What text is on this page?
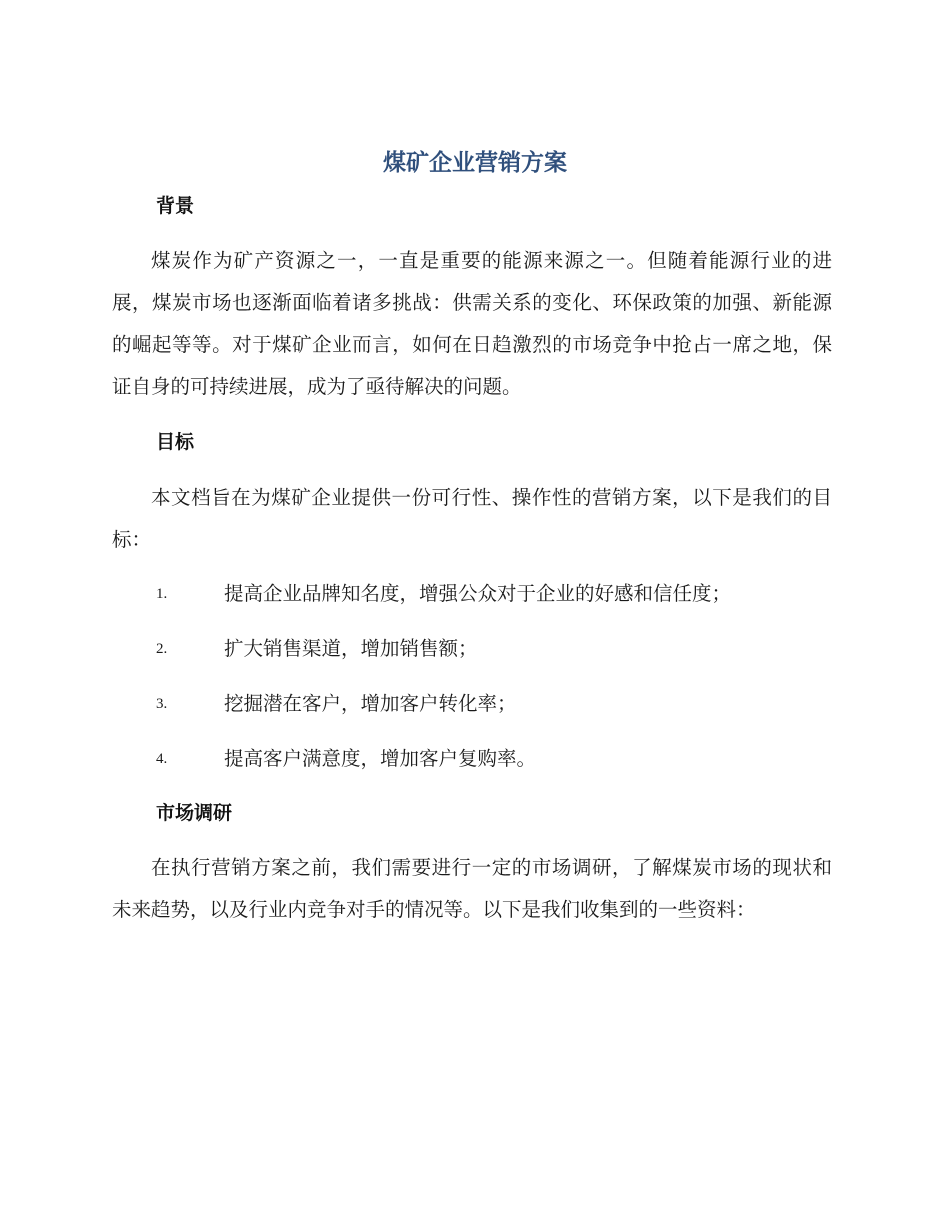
煤矿企业营销方案
背景
煤炭作为矿产资源之一，一直是重要的能源来源之一。但随着能源行业的进展，煤炭市场也逐渐面临着诸多挑战：供需关系的变化、环保政策的加强、新能源的崛起等等。对于煤矿企业而言，如何在日趋激烈的市场竞争中抢占一席之地，保证自身的可持续进展，成为了亟待解决的问题。
目标
本文档旨在为煤矿企业提供一份可行性、操作性的营销方案，以下是我们的目标：
1.	提高企业品牌知名度，增强公众对于企业的好感和信任度；
2.	扩大销售渠道，增加销售额；
3.	挖掘潜在客户，增加客户转化率；
4.	提高客户满意度，增加客户复购率。
市场调研
在执行营销方案之前，我们需要进行一定的市场调研，了解煤炭市场的现状和未来趋势，以及行业内竞争对手的情况等。以下是我们收集到的一些资料：
